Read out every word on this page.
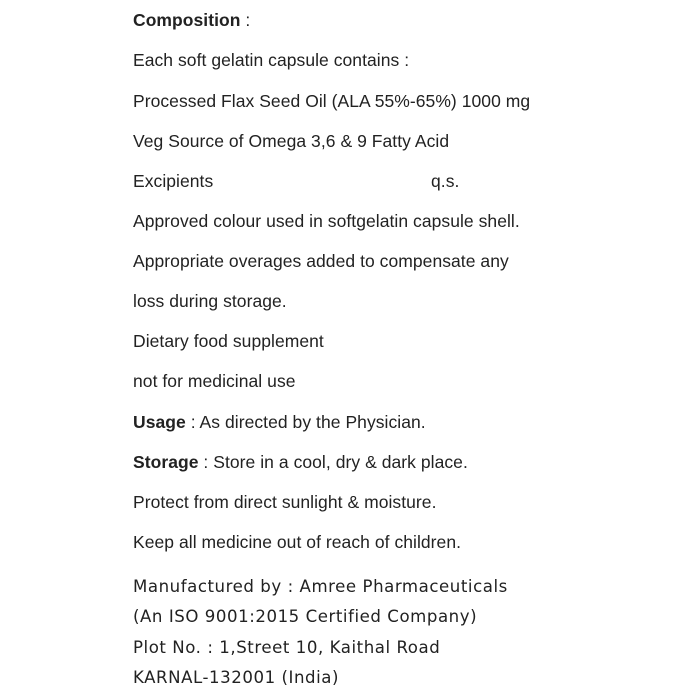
Composition :
Each soft gelatin capsule contains :
Processed Flax Seed Oil (ALA 55%-65%) 1000 mg
Veg Source of Omega 3,6 & 9 Fatty Acid
Excipients	q.s.
Approved colour used in softgelatin capsule shell.
Appropriate overages added to compensate any
loss during storage.
Dietary food supplement
not for medicinal use
Usage : As directed by the Physician.
Storage : Store in a cool, dry & dark place.
Protect from direct sunlight & moisture.
Keep all medicine out of reach of children.
Manufactured by : Amree Pharmaceuticals
(An ISO 9001:2015 Certified Company)
Plot No. : 1,Street 10, Kaithal Road
KARNAL-132001 (India)
